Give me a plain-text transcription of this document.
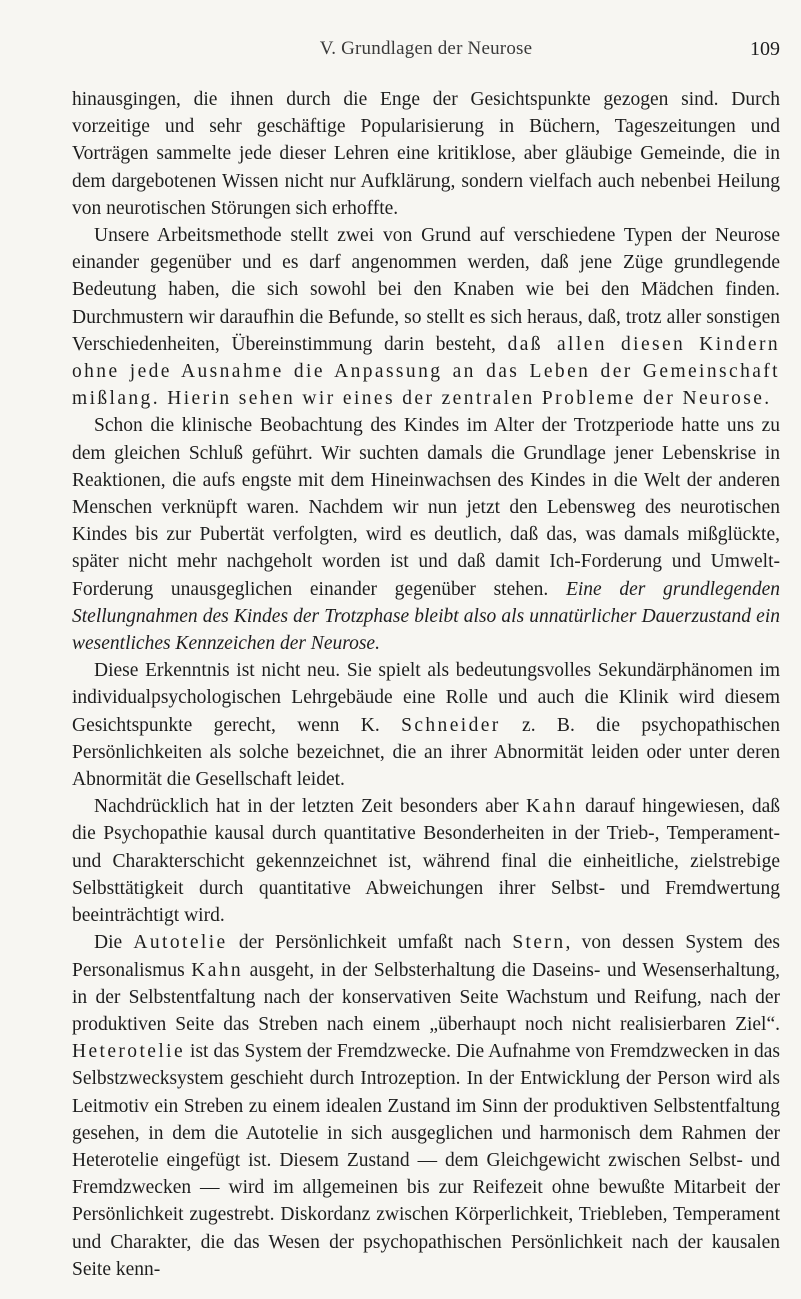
V. Grundlagen der Neurose	109

hinausgingen, die ihnen durch die Enge der Gesichtspunkte gezogen sind. Durch vorzeitige und sehr geschäftige Popularisierung in Büchern, Tageszeitungen und Vorträgen sammelte jede dieser Lehren eine kritiklose, aber gläubige Gemeinde, die in dem dargebotenen Wissen nicht nur Aufklärung, sondern vielfach auch nebenbei Heilung von neurotischen Störungen sich erhoffte.

Unsere Arbeitsmethode stellt zwei von Grund auf verschiedene Typen der Neurose einander gegenüber und es darf angenommen werden, daß jene Züge grundlegende Bedeutung haben, die sich sowohl bei den Knaben wie bei den Mädchen finden. Durchmustern wir daraufhin die Befunde, so stellt es sich heraus, daß, trotz aller sonstigen Verschiedenheiten, Übereinstimmung darin besteht, daß allen diesen Kindern ohne jede Ausnahme die Anpassung an das Leben der Gemeinschaft mißlang. Hierin sehen wir eines der zentralen Probleme der Neurose.

Schon die klinische Beobachtung des Kindes im Alter der Trotzperiode hatte uns zu dem gleichen Schluß geführt. Wir suchten damals die Grundlage jener Lebenskrise in Reaktionen, die aufs engste mit dem Hineinwachsen des Kindes in die Welt der anderen Menschen verknüpft waren. Nachdem wir nun jetzt den Lebensweg des neurotischen Kindes bis zur Pubertät verfolgten, wird es deutlich, daß das, was damals mißglückte, später nicht mehr nachgeholt worden ist und daß damit Ich-Forderung und Umwelt-Forderung unausgeglichen einander gegenüber stehen. Eine der grundlegenden Stellungnahmen des Kindes der Trotzphase bleibt also als unnatürlicher Dauerzustand ein wesentliches Kennzeichen der Neurose.

Diese Erkenntnis ist nicht neu. Sie spielt als bedeutungsvolles Sekundärphänomen im individualpsychologischen Lehrgebäude eine Rolle und auch die Klinik wird diesem Gesichtspunkte gerecht, wenn K. Schneider z. B. die psychopathischen Persönlichkeiten als solche bezeichnet, die an ihrer Abnormität leiden oder unter deren Abnormität die Gesellschaft leidet.

Nachdrücklich hat in der letzten Zeit besonders aber Kahn darauf hingewiesen, daß die Psychopathie kausal durch quantitative Besonderheiten in der Trieb-, Temperament- und Charakterschicht gekennzeichnet ist, während final die einheitliche, zielstrebige Selbsttätigkeit durch quantitative Abweichungen ihrer Selbst- und Fremdwertung beeinträchtigt wird.

Die Autotelie der Persönlichkeit umfaßt nach Stern, von dessen System des Personalismus Kahn ausgeht, in der Selbsterhaltung die Daseins- und Wesenserhaltung, in der Selbstentfaltung nach der konservativen Seite Wachstum und Reifung, nach der produktiven Seite das Streben nach einem „überhaupt noch nicht realisierbaren Ziel“. Heterotelie ist das System der Fremdzwecke. Die Aufnahme von Fremdzwecken in das Selbstzwecksystem geschieht durch Introzeption. In der Entwicklung der Person wird als Leitmotiv ein Streben zu einem idealen Zustand im Sinn der produktiven Selbstentfaltung gesehen, in dem die Autotelie in sich ausgeglichen und harmonisch dem Rahmen der Heterotelie eingefügt ist. Diesem Zustand — dem Gleichgewicht zwischen Selbst- und Fremdzwecken — wird im allgemeinen bis zur Reifezeit ohne bewußte Mitarbeit der Persönlichkeit zugestrebt. Diskordanz zwischen Körperlichkeit, Triebleben, Temperament und Charakter, die das Wesen der psychopathischen Persönlichkeit nach der kausalen Seite kenn-
